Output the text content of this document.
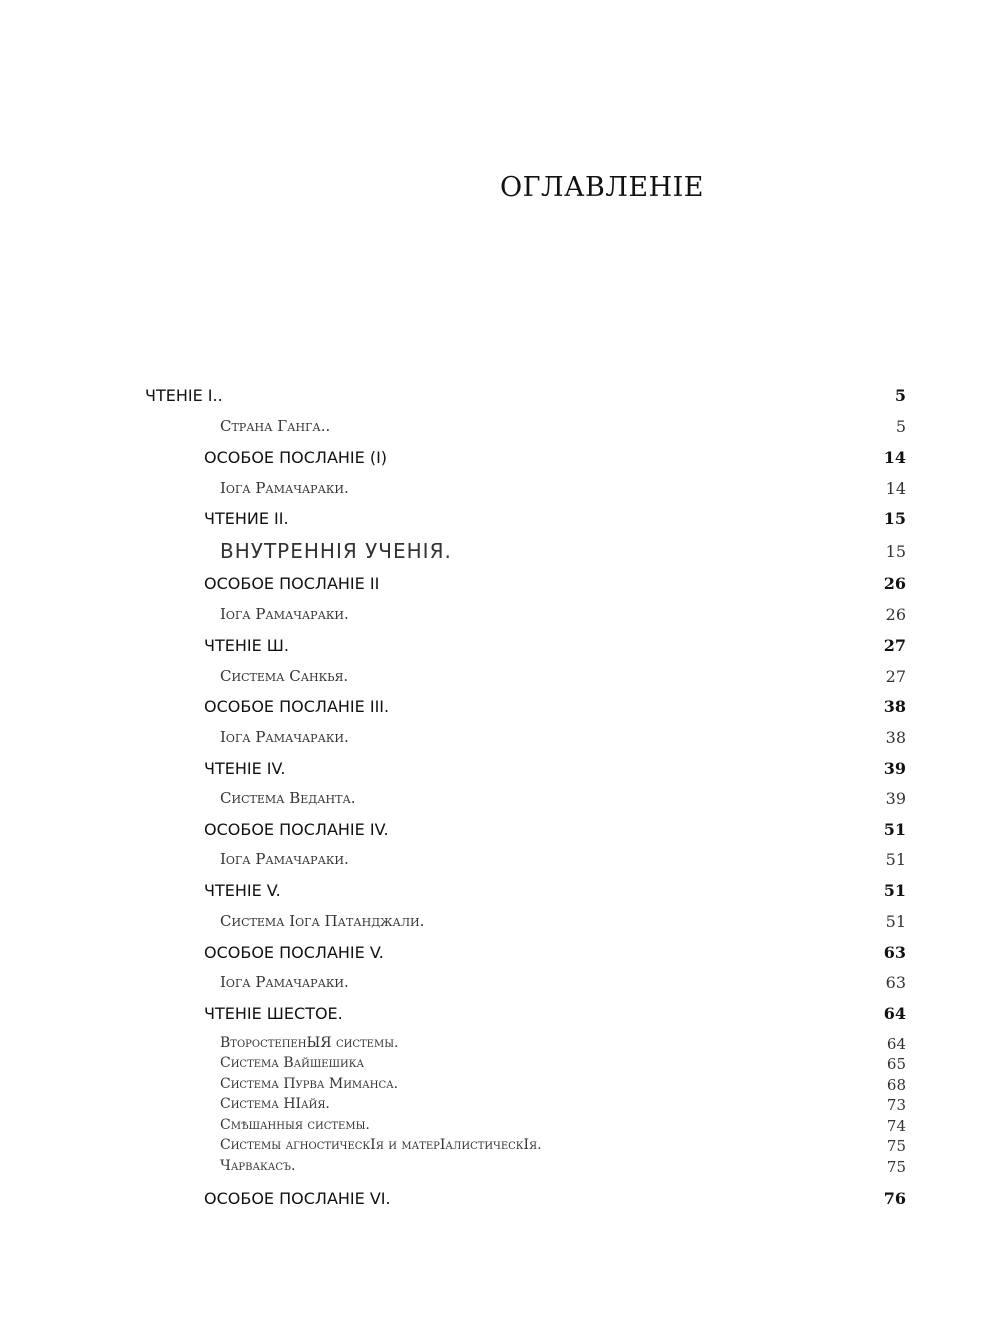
ОГЛАВЛЕНІЕ
ЧТЕНІЕ I..	5
Страна Ганга..	5
ОСОБОЕ ПОСЛАНІЕ (I)	14
Іога Рамачараки.	14
ЧТЕНИЕ II.	15
ВНУТРЕННІЯ УЧЕНІЯ.	15
ОСОБОЕ ПОСЛАНІЕ II	26
Іога Рамачараки.	26
ЧТЕНІЕ Ш.	27
Система Санкья.	27
ОСОБОЕ ПОСЛАНІЕ III.	38
Іога Рамачараки.	38
ЧТЕНІЕ IV.	39
Система Веданта.	39
ОСОБОЕ ПОСЛАНІЕ IV.	51
Іога Рамачараки.	51
ЧТЕНІЕ V.	51
Система Іога Патанджали.	51
ОСОБОЕ ПОСЛАНІЕ V.	63
Іога Рамачараки.	63
ЧТЕНІЕ ШЕСТОЕ.	64
ВторостепенЫЯ системы.	64
Система Вайшешика	65
Система Пурва Миманса.	68
Система НІайя.	73
Смѣшанныя системы.	74
Системы агностическІя и матерІалистическІя.	75
Чарвакасъ.	75
ОСОБОЕ ПОСЛАНІЕ VI.	76
